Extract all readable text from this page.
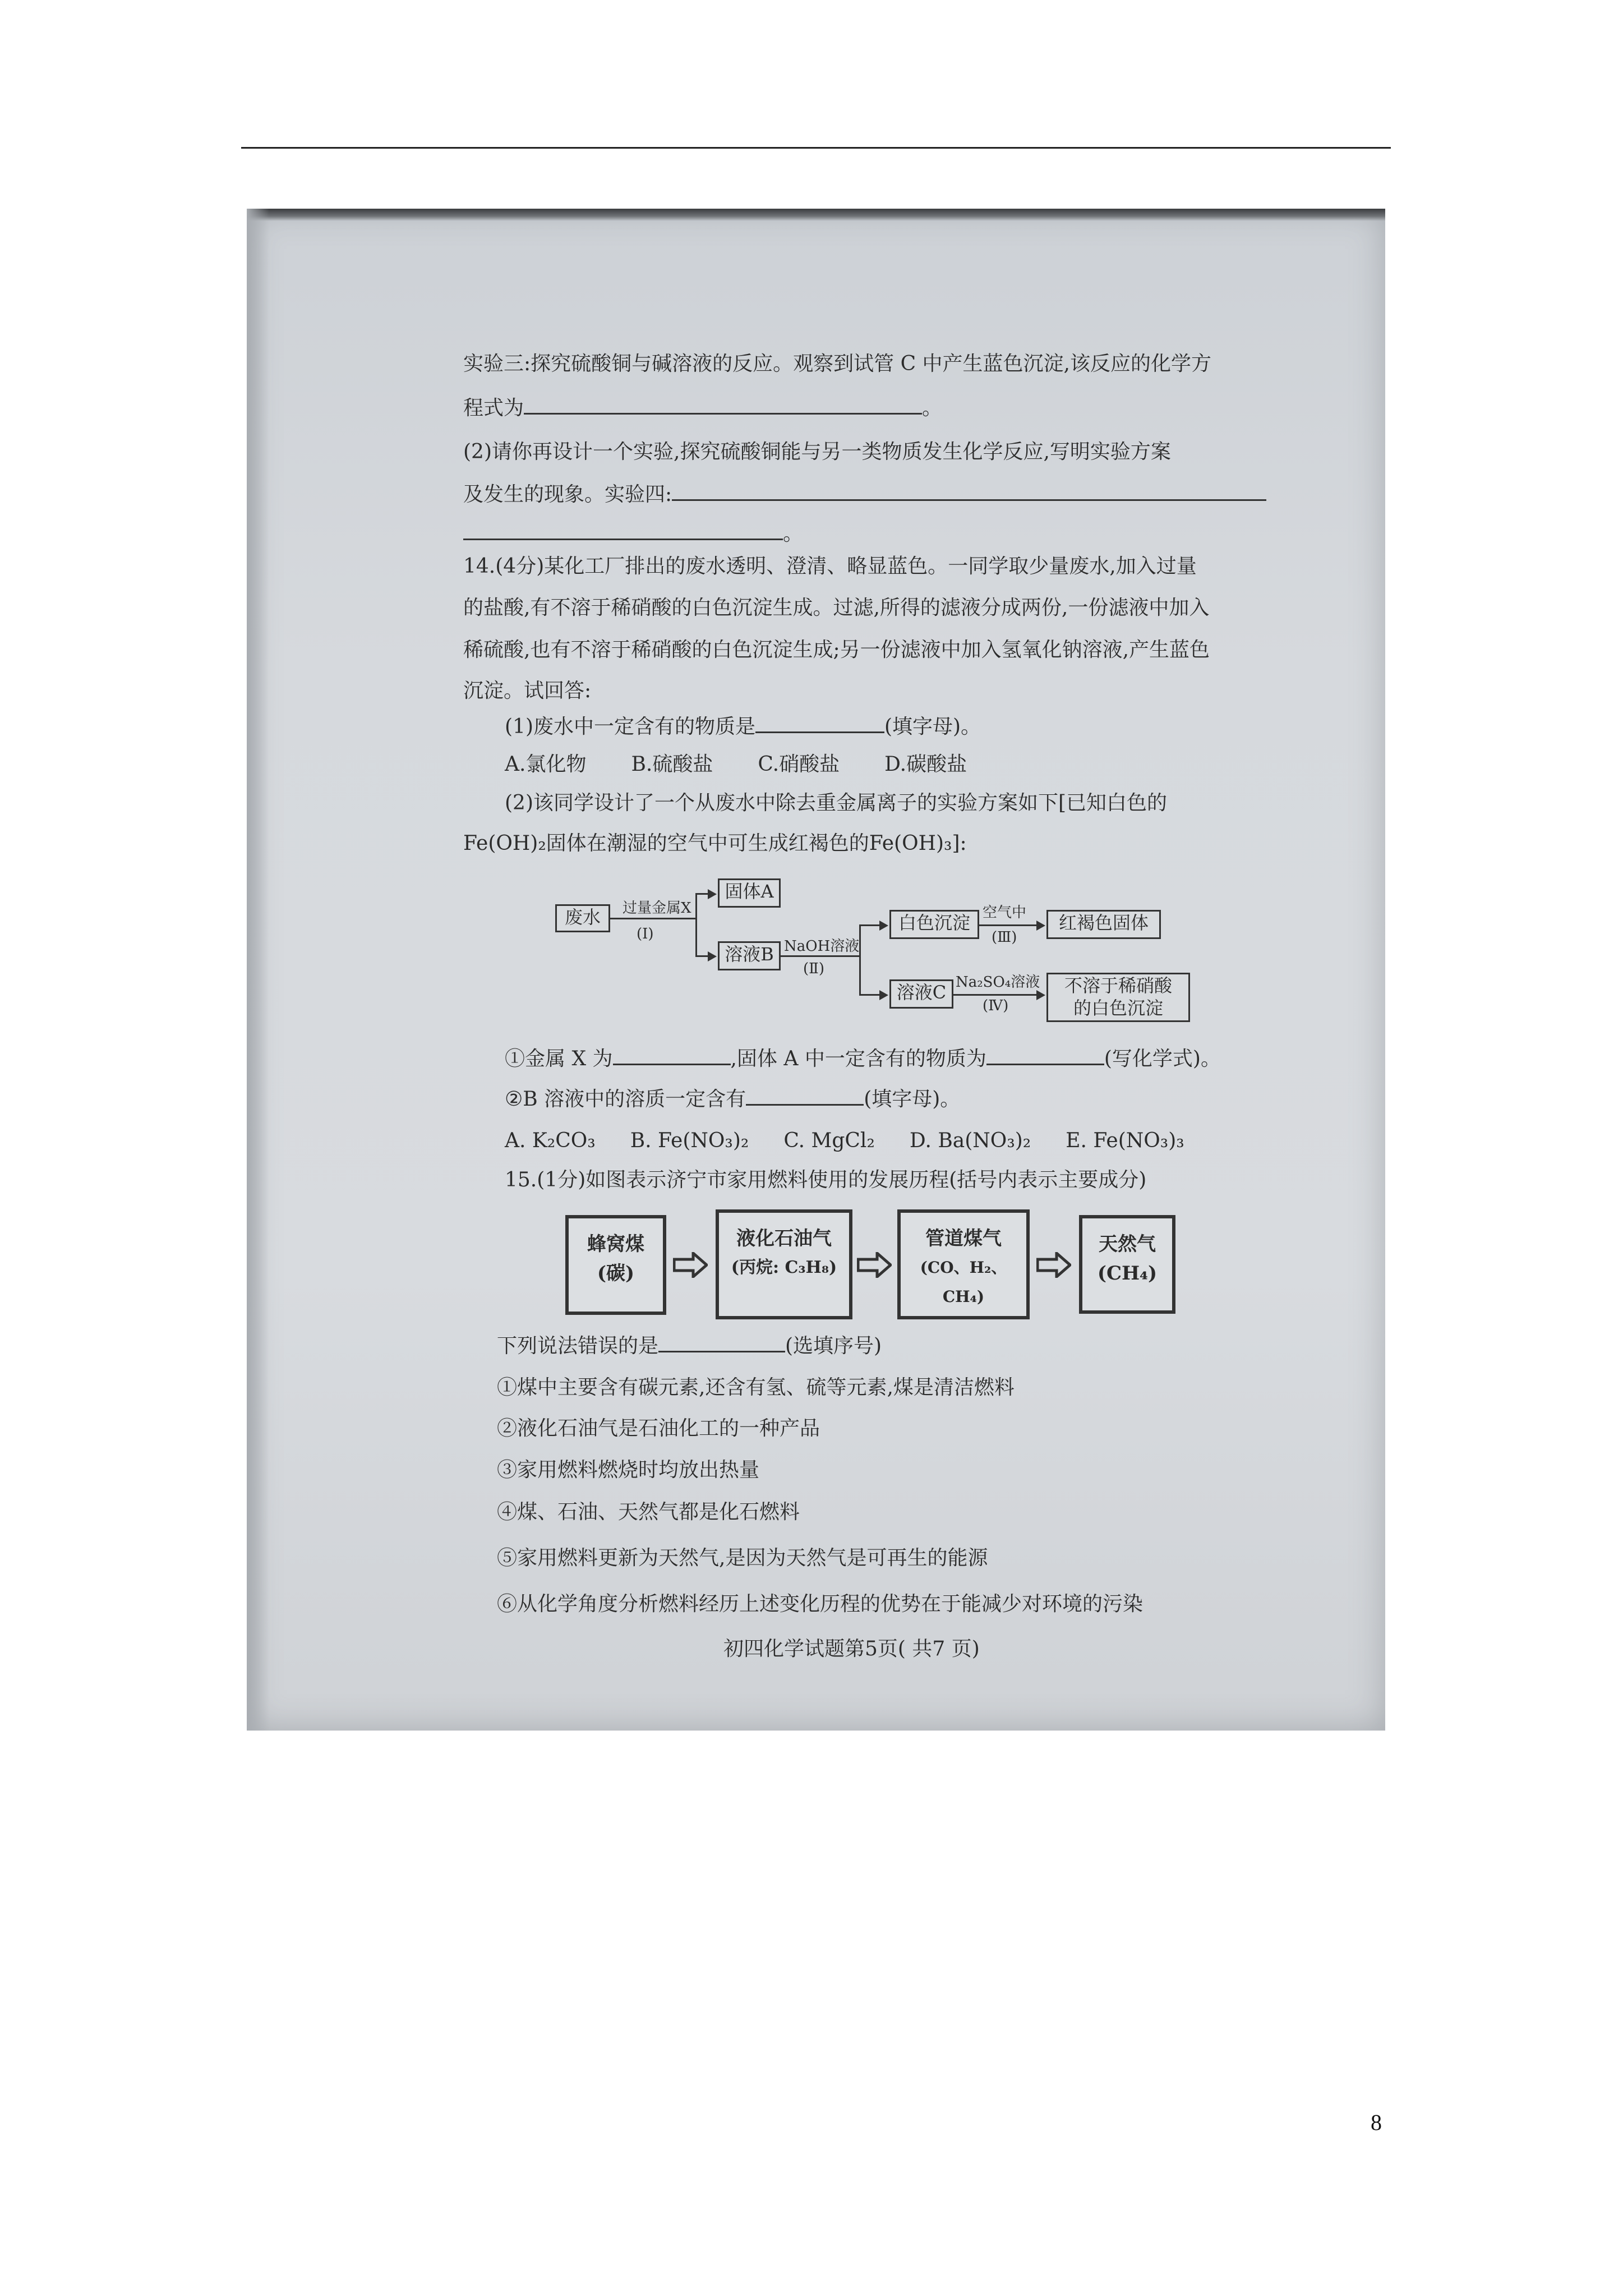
实验三:探究硫酸铜与碱溶液的反应。观察到试管 C 中产生蓝色沉淀,该反应的化学方
程式为	。
(2)请你再设计一个实验,探究硫酸铜能与另一类物质发生化学反应,写明实验方案
及发生的现象。实验四:
。
14.(4分)某化工厂排出的废水透明、澄清、略显蓝色。一同学取少量废水,加入过量
的盐酸,有不溶于稀硝酸的白色沉淀生成。过滤,所得的滤液分成两份,一份滤液中加入
稀硫酸,也有不溶于稀硝酸的白色沉淀生成;另一份滤液中加入氢氧化钠溶液,产生蓝色
沉淀。试回答:
(1)废水中一定含有的物质是	(填字母)。
A.氯化物 B.硫酸盐 C.硝酸盐 D.碳酸盐
(2)该同学设计了一个从废水中除去重金属离子的实验方案如下[已知白色的
Fe(OH)₂固体在潮湿的空气中可生成红褐色的Fe(OH)₃]:
废水	过量金属X
(Ⅰ)
固体A
溶液B NaOH溶液
(Ⅱ)
白色沉淀 空气中
(Ⅲ)
红褐色固体
溶液C Na₂SO₄溶液
(Ⅳ)
不溶于稀硝酸
的白色沉淀
①金属 X 为	,固体 A 中一定含有的物质为	(写化学式)。
②B 溶液中的溶质一定含有	(填字母)。
A. K₂CO₃ B. Fe(NO₃)₂ C. MgCl₂ D. Ba(NO₃)₂ E. Fe(NO₃)₃
15.(1分)如图表示济宁市家用燃料使用的发展历程(括号内表示主要成分)
蜂窝煤
(碳)
液化石油气
(丙烷: C₃H₈)
管道煤气
(CO、H₂、CH₄)
天然气
(CH₄)
下列说法错误的是	(选填序号)
①煤中主要含有碳元素,还含有氢、硫等元素,煤是清洁燃料
②液化石油气是石油化工的一种产品
③家用燃料燃烧时均放出热量
④煤、石油、天然气都是化石燃料
⑤家用燃料更新为天然气,是因为天然气是可再生的能源
⑥从化学角度分析燃料经历上述变化历程的优势在于能减少对环境的污染
初四化学试题第5页( 共7 页)
8
